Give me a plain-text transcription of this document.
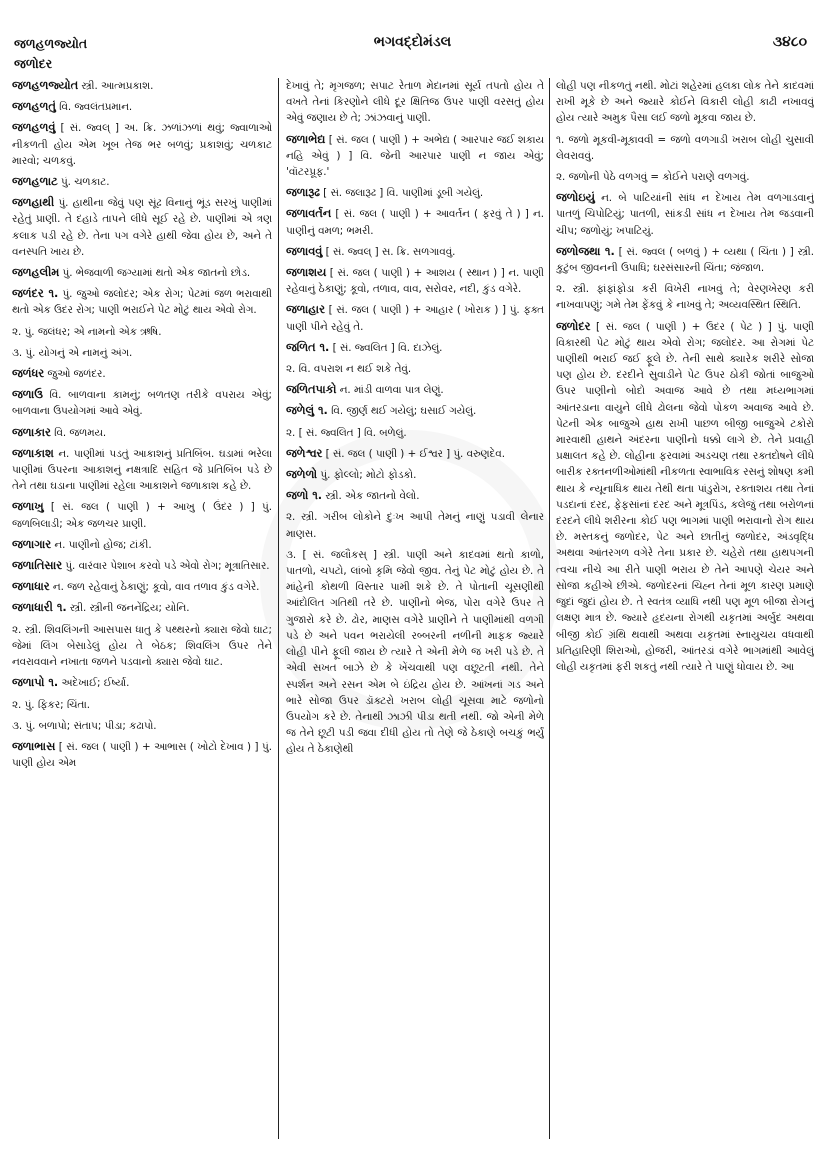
જળહળજ્યોત
જળોદર
ભગવદ્દોમંડલ	૩૪૮૦
જળહળજ્યોત સ્ત્રી. આત્મપ્રકાશ.
જળહળતું વિ. જ્વલંતપ્રમાન.
જળહળવું [ સં. જ્વલ્ ] અ. ક્રિ. ઝળાંઝળાં થવું; જ્વાળાઓ નીકળતી હોય એમ ખૂબ તેજ ભર બળવું; પ્રકાશવું; ચળકાટ મારવો; ચળકવું.
જળહળાટ પું. ચળકાટ.
જળહાથી પું. હાથીના જેવું પણ સૂંઢ વિનાનું ભૂંડ સરખું પાણીમાં રહેતું પ્રાણી. તે દહાડે તાપને લીધે સૂઈ રહે છે. પાણીમાં એ ત્રણ કલાક પડી રહે છે. તેના પગ વગેરે હાથી જેવા હોય છે, અને તે વનસ્પતિ ખાય છે.
જળહલીમ પું. ભેજવાળી જગ્યામાં થતો એક જાતનો છોડ.
જળંદર ૧. પું. જુઓ જલોદર; એક રોગ; પેટમાં જળ ભરાવાથી થતો એક ઉદર રોગ; પાણી ભરાઈને પેટ મોટું થાય એવો રોગ.
૨. પું. જલંધર; એ નામનો એક ઋષિ.
૩. પું. યોગનું એ નામનું અંગ.
જળંધર જુઓ જળંદર.
જળાઉ વિ. બાળવાના કામનું; બળતણ તરીકે વપરાય એવું; બાળવાના ઉપયોગમાં આવે એવું.
જળાકાર વિ. જળમય.
જળાકાશ ન. પાણીમાં પડતું આકાશનું પ્રતિબિંબ. ઘડામાં ભરેલા પાણીમાં ઉપરના આકાશનું નક્ષત્રાદિ સહિત જે પ્રતિબિંબ પડે છે તેને તથા ઘડાના પાણીમાં રહેલા આકાશને જળાકાશ કહે છે.
જળાખુ [ સં. જલ ( પાણી ) + આખુ ( ઉંદર ) ] પું. જળબિલાડી; એક જળચર પ્રાણી.
જળાગાર ન. પાણીનો હોજ; ટાંકી.
જળાતિસાર પું. વારંવાર પેશાબ કરવો પડે એવો રોગ; મૂત્રાતિસાર.
જળાધાર ન. જળ રહેવાનું ઠેકાણું; કૂવો, વાવ તળાવ કુંડ વગેરે.
જળાધારી ૧. સ્ત્રી. સ્ત્રીની જનનેંદ્રિય; યોનિ.
૨. સ્ત્રી. શિવલિંગની આસપાસ ધાતુ કે પથ્થરનો ક્યારા જેવો ઘાટ; જેમાં લિંગ બેસાડેલું હોય તે બેઠક; શિવલિંગ ઉપર તેને નવરાવવાને નખાતા જળને પડવાનો ક્યારા જેવો ઘાટ.
જળાપો ૧. અદેખાઈ; ઈર્ષ્યા.
૨. પું. ફિકર; ચિંતા.
૩. પું. બળાપો; સંતાપ; પીડા; કઢાપો.
જળાભાસ [ સં. જલ ( પાણી ) + આભાસ ( ખોટો દેખાવ ) ] પું. પાણી હોય એમ
દેખાવું તે; મૃગજળ; સપાટ રેતાળ મેદાનમાં સૂર્ય તપતો હોય તે વખતે તેનાં કિરણોને લીધે દૂર ક્ષિતિજ ઉપર પાણી વરસતું હોય એવું જણાય છે તે; ઝાંઝવાનું પાણી.
જળાભેદ્ય [ સં. જલ ( પાણી ) + અભેદ્ય ( આરપાર જઈ શકાય નહિ એવું ) ] વિ. જેની આરપાર પાણી ન જાય એવું; 'વૉટરપ્રૂફ.'
જળારૂઢ [ સં. જલારૂઢ ] વિ. પાણીમાં ડૂબી ગયેલું.
જળાવર્તન [ સં. જલ ( પાણી ) + આવર્તન ( ફરવું તે ) ] ન. પાણીનું વમળ; ભમરી.
જળાવવું [ સં. જ્વલ્ ] સ. ક્રિ. સળગાવવું.
જળાશય [ સં. જલ ( પાણી ) + આશય ( સ્થાન ) ] ન. પાણી રહેવાનું ઠેકાણું; કૂવો, તળાવ, વાવ, સરોવર, નદી, કુંડ વગેરે.
જળાહાર [ સં. જલ ( પાણી ) + આહાર ( ખોરાક ) ] પું. ફક્ત પાણી પીને રહેવું તે.
જળિત ૧. [ સં. જ્વલિત ] વિ. દાઝેલું.
૨. વિ. વપરાશ ન થઈ શકે તેવું.
જળિતપાકો ન. માંડી વાળવા પાત્ર લેણું.
જળેલું ૧. વિ. જીર્ણ થઈ ગયેલું; ઘસાઈ ગયેલું.
૨. [ સં. જ્વલિત ] વિ. બળેલું.
જળેશ્વર [ સં. જલ ( પાણી ) + ઈશ્વર ] પું. વરુણદેવ.
જળેળો પું. ફોલ્લો; મોટો ફોડકો.
જળો ૧. સ્ત્રી. એક જાતનો વેલો.
૨. સ્ત્રી. ગરીબ લોકોને દુઃખ આપી તેમનું નાણું પડાવી લેનાર માણસ.
૩. [ સં. જલૌકસ્ ] સ્ત્રી. પાણી અને કાદવમાં થતો કાળો, પાતળો, ચપટો, લાંબો કૃમિ જેવો જીવ. તેનું પેટ મોટું હોય છે. તે માંહેની કોથળી વિસ્તાર પામી શકે છે. તે પોતાની ચૂસણીથી આંદોલિત ગતિથી તરે છે. પાણીનો ભેજ, પોરા વગેરે ઉપર તે ગુજારો કરે છે. ઢોર, માણસ વગેરે પ્રાણીને તે પાણીમાંથી વળગી પડે છે અને પવન ભરાયેલી રબ્બરની નળીની માફક જ્યારે લોહી પીને ફૂલી જાય છે ત્યારે તે એની મેળે જ ખરી પડે છે. તે એવી સખત બાઝે છે કે ખેંચવાથી પણ વછૂટતી નથી. તેને સ્પર્શન અને રસન એમ બે ઇંદ્રિય હોય છે. આંખનાં ગડ અને ભારે સોજા ઉપર ડૉક્ટરો ખરાબ લોહી ચૂસવા માટે જળોનો ઉપયોગ કરે છે. તેનાથી ઝાઝી પીડા થતી નથી. જો એની મેળે જ તેને છૂટી પડી જવા દીધી હોય તો તેણે જે ઠેકાણે બચકું ભર્યું હોય તે ઠેકાણેથી
લોહી પણ નીકળતું નથી. મોટાં શહેરમાં હલકા લોક તેને કાદવમાં રાખી મૂકે છે અને જ્યારે કોઈને વિકારી લોહી કાઢી નખાવવું હોય ત્યારે અમુક પૈસા લઈ જળો મૂકવા જાય છે.
૧. જળો મૂકવી-મૂકાવવી = જળો વળગાડી ખરાબ લોહી ચુસાવી લેવરાવવું.
૨. જળોની પેઠે વળગવું = કોઈને પરાણે વળગવું.
જળોઇયું ન. બે પાટિયાંની સાંધ ન દેખાય તેમ વળગાડવાનું પાતળું ચિપોટિયું; પાતળી, સાંકડી સાંધ ન દેખાય તેમ જડવાની ચીપ; જળોયું; ખપાટિયું.
જળોજથા ૧. [ સં. જ્વલ ( બળવું ) + વ્યથા ( ચિંતા ) ] સ્ત્રી. કુટુંબ જીવનની ઉપાધિ; ઘરસંસારની ચિંતા; જંજાળ.
૨. સ્ત્રી. ફાંફાંફોડા કરી વિખેરી નાખવું તે; વેરણખેરણ કરી નાખવાપણું; ગમે તેમ ફેંકવું કે નાખવું તે; અવ્યવસ્થિત સ્થિતિ.
જળોદર [ સં. જલ ( પાણી ) + ઉદર ( પેટ ) ] પું. પાણી વિકારથી પેટ મોટું થાય એવો રોગ; જલોદર. આ રોગમાં પેટ પાણીથી ભરાઈ જઈ ફૂલે છે. તેની સાથે ક્યારેક શરીરે સોજા પણ હોય છે. દરદીને સુવાડીને પેટ ઉપર ઠોકી જોતાં બાજુઓ ઉપર પાણીનો બોદો અવાજ આવે છે તથા મધ્યભાગમાં આંતરડાના વાયુને લીધે ઢોલના જેવો પોકળ અવાજ આવે છે. પેટની એક બાજુએ હાથ રાખી પાછળ બીજી બાજુએ ટકોરો મારવાથી હાથને અંદરના પાણીનો ધક્કો લાગે છે. તેને પ્રવાહી પ્રક્ષાલત કહે છે. લોહીના ફરવામાં અડચણ તથા રક્તદોષને લીધે બારીક રક્તનળીઓમાંથી નીકળતા સ્વાભાવિક રસનું શોષણ કમી થાય કે ન્યૂનાધિક થાય તેથી થતા પાંડુરોગ, રક્તાશય તથા તેનાં પડદાનાં દરદ, ફેફસાંનાં દરદ અને મૂત્રપિંડ, કલેજું તથા બરોળનાં દરદને લીધે શરીરના કોઈ પણ ભાગમાં પાણી ભરાવાનો રોગ થાય છે. મસ્તકનું જળોદર, પેટ અને છાતીનું જળોદર, અંડવૃદ્ધિ અથવા આંતરગળ વગેરે તેના પ્રકાર છે. ચહેરો તથા હાથપગની ત્વચા નીચે આ રીતે પાણી ભરાય છે તેને આપણે ચેયર અને સોજા કહીએ છીએ. જળોદરનાં ચિહ્ન તેનાં મૂળ કારણ પ્રમાણે જુદાં જુદાં હોય છે. તે સ્વતંત્ર વ્યાધિ નથી પણ મૂળ બીજા રોગનું લક્ષણ માત્ર છે. જ્યારે હૃદયના રોગથી યકૃતમાં અર્બુદ અથવા બીજી કોઈ ગ્રંથિ થવાથી અથવા યકૃતમાં સ્નાયુચય વધવાથી પ્રતિહારિણી શિરાઓ, હોજરી, આંતરડાં વગેરે ભાગમાંથી આવેલું લોહી યકૃતમાં ફરી શકતું નથી ત્યારે તે પાણું ધોવાય છે. આ
